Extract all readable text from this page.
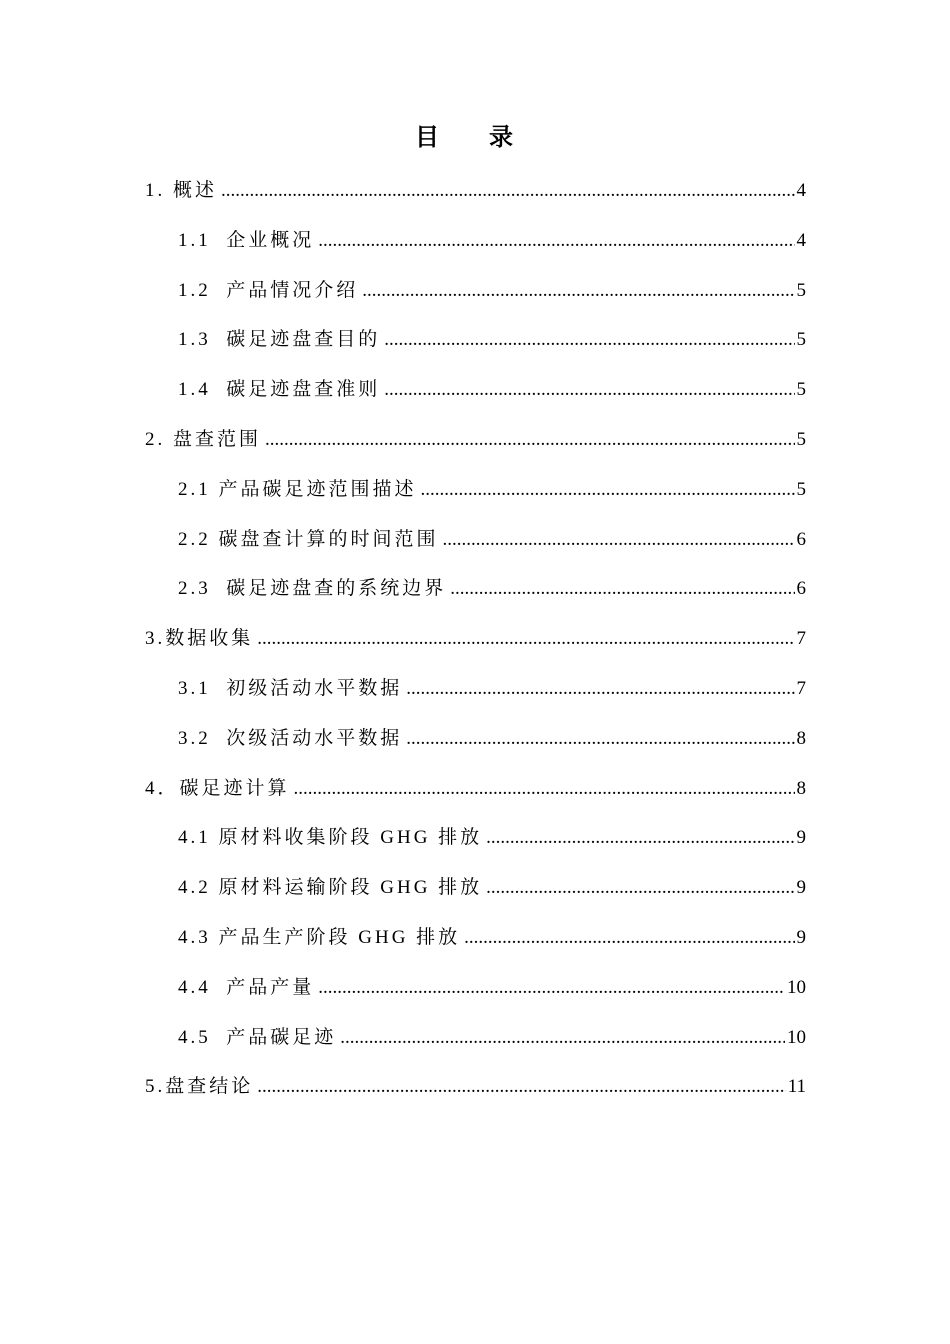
目 录
1. 概述 .....	4
1.1  企业概况 .....	4
1.2  产品情况介绍 .....	5
1.3  碳足迹盘查目的 .....	5
1.4  碳足迹盘查准则 .....	5
2. 盘查范围 .....	5
2.1 产品碳足迹范围描述 .....	5
2.2 碳盘查计算的时间范围 .....	6
2.3  碳足迹盘查的系统边界 .....	6
3.数据收集 .....	7
3.1  初级活动水平数据 .....	7
3.2  次级活动水平数据 .....	8
4．碳足迹计算 .....	8
4.1 原材料收集阶段 GHG 排放 .....	9
4.2 原材料运输阶段 GHG 排放 .....	9
4.3 产品生产阶段 GHG 排放 .....	9
4.4  产品产量 .....	10
4.5  产品碳足迹 .....	10
5.盘查结论 .....	11
